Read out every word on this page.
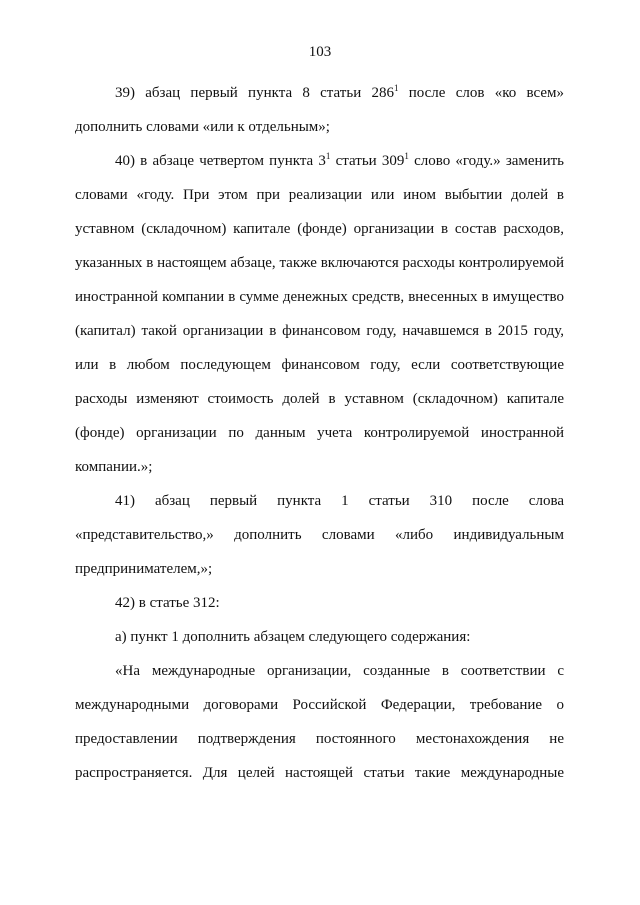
103

39) абзац первый пункта 8 статьи $286^1$ после слов «ко всем» дополнить словами «или к отдельным»;

40) в абзаце четвертом пункта $3^1$ статьи $309^1$ слово «году.» заменить словами «году. При этом при реализации или ином выбытии долей в уставном (складочном) капитале (фонде) организации в состав расходов, указанных в настоящем абзаце, также включаются расходы контролируемой иностранной компании в сумме денежных средств, внесенных в имущество (капитал) такой организации в финансовом году, начавшемся в 2015 году, или в любом последующем финансовом году, если соответствующие расходы изменяют стоимость долей в уставном (складочном) капитале (фонде) организации по данным учета контролируемой иностранной компании.»;

41) абзац первый пункта 1 статьи 310 после слова «представительство,» дополнить словами «либо индивидуальным предпринимателем,»;

42) в статье 312:

а) пункт 1 дополнить абзацем следующего содержания:

«На международные организации, созданные в соответствии с международными договорами Российской Федерации, требование о предоставлении подтверждения постоянного местонахождения не распространяется. Для целей настоящей статьи такие международные
